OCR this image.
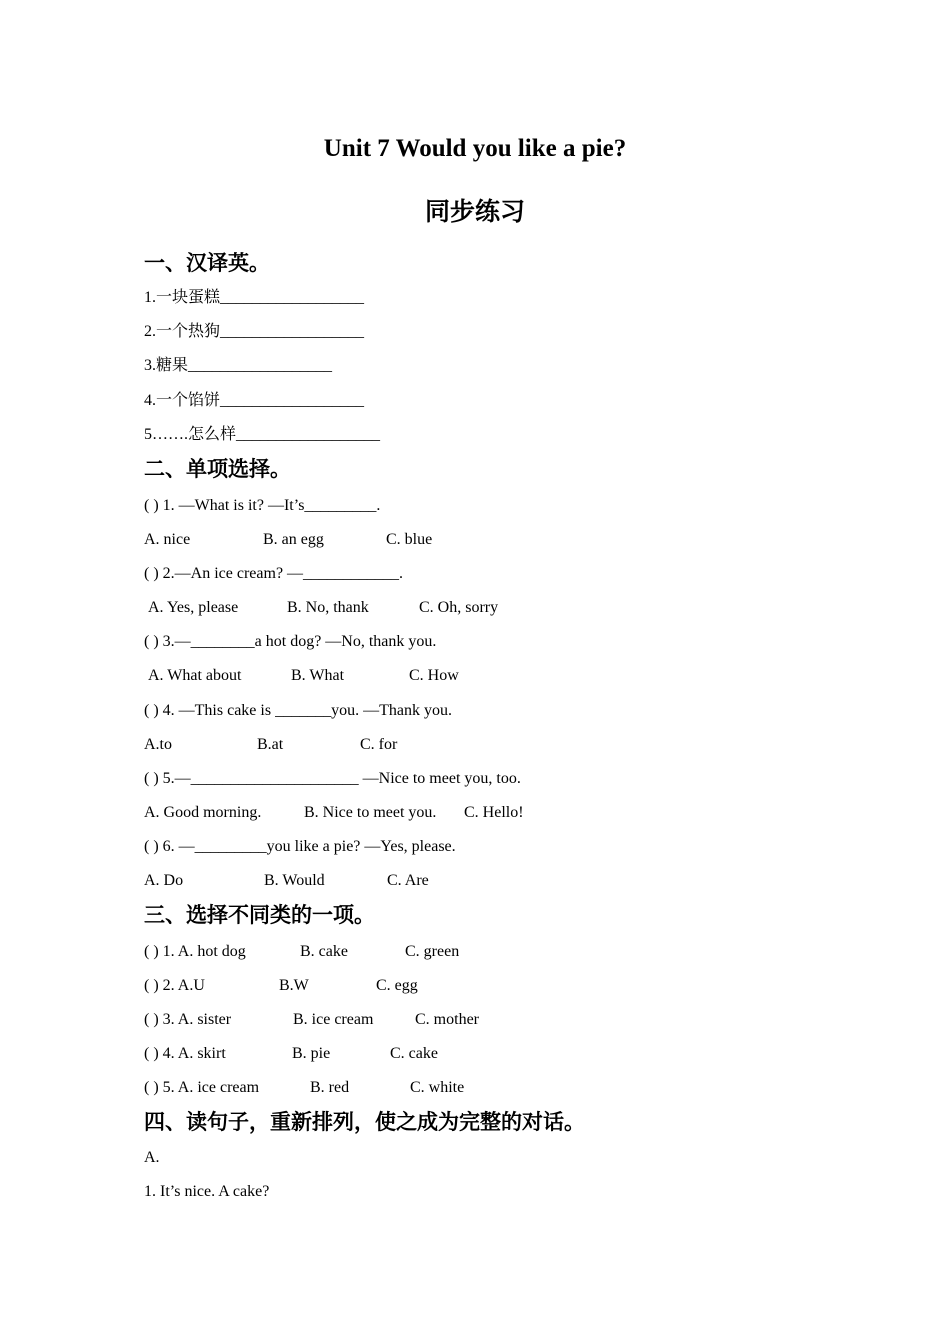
Unit 7 Would you like a pie?
同步练习
一、汉译英。
1.一块蛋糕__________________
2.一个热狗__________________
3.糖果__________________
4.一个馅饼__________________
5…….怎么样__________________
二、单项选择。
( ) 1. —What is it? —It’s_________.
A. nice	B. an egg	C. blue
( ) 2.—An ice cream? —____________.
A. Yes, please	B. No, thank	C. Oh, sorry
( ) 3.—________a hot dog? —No, thank you.
A. What about	B. What	C. How
( ) 4. —This cake is _______you. —Thank you.
A.to	B.at	C. for
( ) 5.—_____________________ —Nice to meet you, too.
A. Good morning.	B. Nice to meet you. C. Hello!
( ) 6. —_________you like a pie? —Yes, please.
A. Do	B. Would	C. Are
三、选择不同类的一项。
( ) 1. A. hot dog	B. cake	C. green
( ) 2. A.U	B.W	C. egg
( ) 3. A. sister	B. ice cream	C. mother
( ) 4. A. skirt	B. pie	C. cake
( ) 5. A. ice cream	B. red	C. white
四、读句子，重新排列，使之成为完整的对话。
A.
1. It’s nice. A cake?
